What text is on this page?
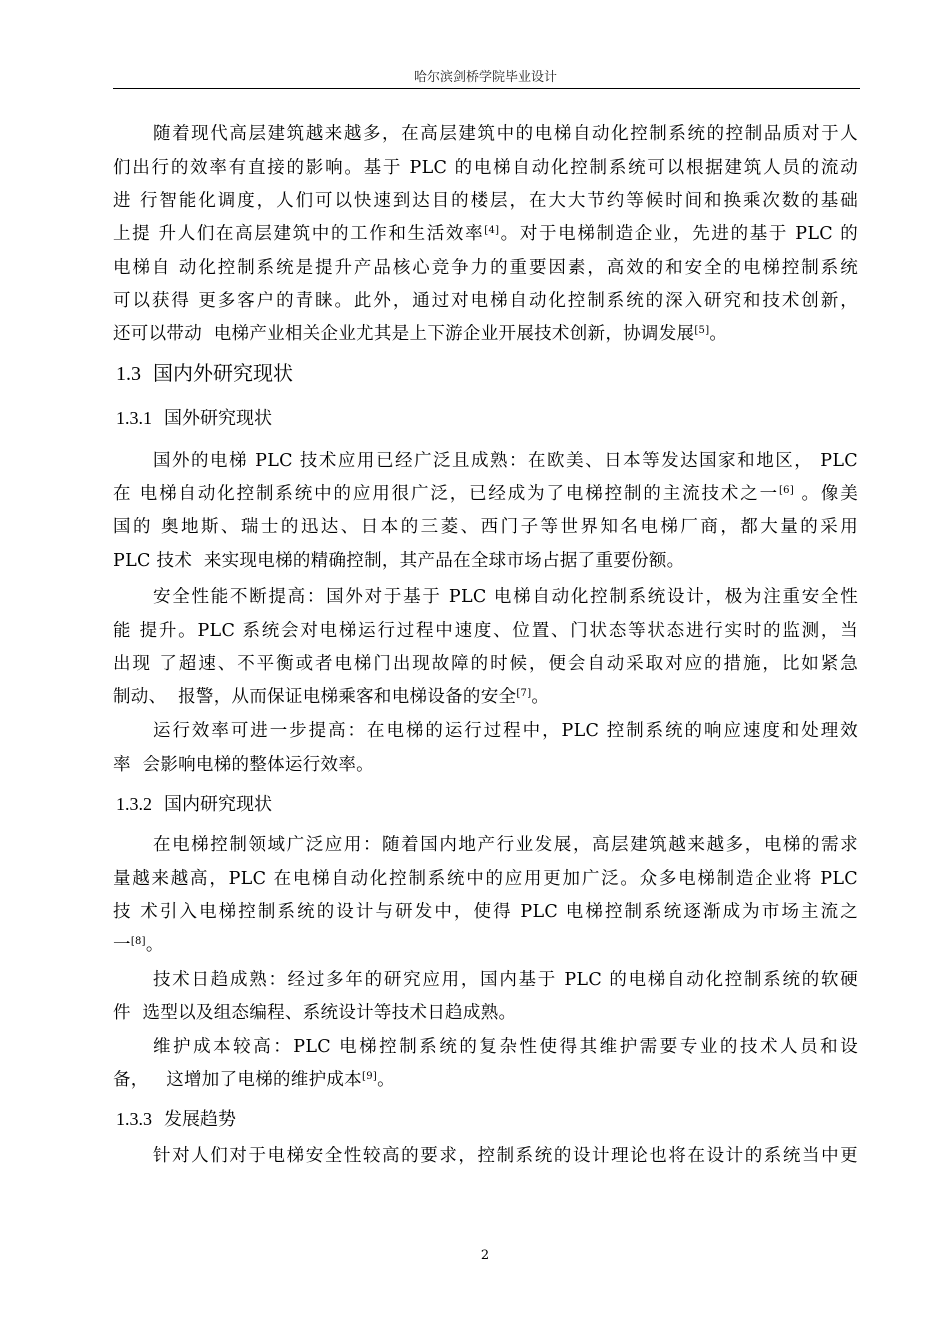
哈尔滨剑桥学院毕业设计
随着现代高层建筑越来越多，在高层建筑中的电梯自动化控制系统的控制品质对于人
们出行的效率有直接的影响。基于 PLC 的电梯自动化控制系统可以根据建筑人员的流动
进 行智能化调度，人们可以快速到达目的楼层，在大大节约等候时间和换乘次数的基础
上提 升人们在高层建筑中的工作和生活效率[4]。对于电梯制造企业，先进的基于 PLC 的
电梯自 动化控制系统是提升产品核心竞争力的重要因素，高效的和安全的电梯控制系统
可以获得 更多客户的青睐。此外，通过对电梯自动化控制系统的深入研究和技术创新，
还可以带动  电梯产业相关企业尤其是上下游企业开展技术创新，协调发展[5]。
1.3 国内外研究现状
1.3.1 国外研究现状
国外的电梯 PLC 技术应用已经广泛且成熟：在欧美、日本等发达国家和地区， PLC
在 电梯自动化控制系统中的应用很广泛，已经成为了电梯控制的主流技术之一[6] 。像美
国的 奥地斯、瑞士的迅达、日本的三菱、西门子等世界知名电梯厂商，都大量的采用
PLC 技术  来实现电梯的精确控制，其产品在全球市场占据了重要份额。
安全性能不断提高：国外对于基于 PLC 电梯自动化控制系统设计，极为注重安全性
能 提升。PLC 系统会对电梯运行过程中速度、位置、门状态等状态进行实时的监测，当
出现 了超速、不平衡或者电梯门出现故障的时候，便会自动采取对应的措施，比如紧急
制动、  报警，从而保证电梯乘客和电梯设备的安全[7]。
运行效率可进一步提高：在电梯的运行过程中，PLC 控制系统的响应速度和处理效
率  会影响电梯的整体运行效率。
1.3.2 国内研究现状
在电梯控制领域广泛应用：随着国内地产行业发展，高层建筑越来越多，电梯的需求
量越来越高，PLC 在电梯自动化控制系统中的应用更加广泛。众多电梯制造企业将 PLC
技 术引入电梯控制系统的设计与研发中，使得 PLC 电梯控制系统逐渐成为市场主流之
一[8]。
技术日趋成熟：经过多年的研究应用，国内基于 PLC 的电梯自动化控制系统的软硬
件  选型以及组态编程、系统设计等技术日趋成熟。
维护成本较高：PLC 电梯控制系统的复杂性使得其维护需要专业的技术人员和设
备，   这增加了电梯的维护成本[9]。
1.3.3 发展趋势
针对人们对于电梯安全性较高的要求，控制系统的设计理论也将在设计的系统当中更
2
